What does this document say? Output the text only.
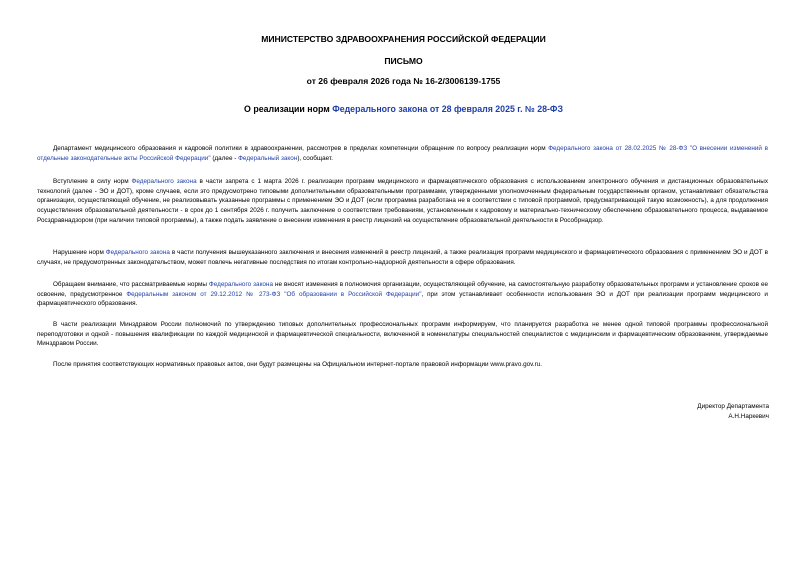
МИНИСТЕРСТВО ЗДРАВООХРАНЕНИЯ РОССИЙСКОЙ ФЕДЕРАЦИИ
ПИСЬМО
от 26 февраля 2026 года № 16-2/3006139-1755
О реализации норм Федерального закона от 28 февраля 2025 г. № 28-ФЗ
Департамент медицинского образования и кадровой политики в здравоохранении, рассмотрев в пределах компетенции обращение по вопросу реализации норм Федерального закона от 28.02.2025 № 28-ФЗ "О внесении изменений в отдельные законодательные акты Российской Федерации" (далее - Федеральный закон), сообщает.
Вступление в силу норм Федерального закона в части запрета с 1 марта 2026 г. реализации программ медицинского и фармацевтического образования с использованием электронного обучения и дистанционных образовательных технологий (далее - ЭО и ДОТ), кроме случаев, если это предусмотрено типовыми дополнительными образовательными программами, утвержденными уполномоченным федеральным государственным органом, устанавливает обязательства организации, осуществляющей обучение, не реализовывать указанные программы с применением ЭО и ДОТ (если программа разработана не в соответствии с типовой программой, предусматривающей такую возможность), а для продолжения осуществления образовательной деятельности - в срок до 1 сентября 2026 г. получить заключение о соответствии требованиям, установленным к кадровому и материально-техническому обеспечению образовательного процесса, выдаваемое Росздравнадзором (при наличии типовой программы), а также подать заявление о внесении изменения в реестр лицензий на осуществление образовательной деятельности в Рособрнадзор.
Нарушение норм Федерального закона в части получения вышеуказанного заключения и внесения изменений в реестр лицензий, а также реализация программ медицинского и фармацевтического образования с применением ЭО и ДОТ в случаях, не предусмотренных законодательством, может повлечь негативные последствия по итогам контрольно-надзорной деятельности в сфере образования.
Обращаем внимание, что рассматриваемые нормы Федерального закона не вносят изменения в полномочия организации, осуществляющей обучение, на самостоятельную разработку образовательных программ и установление сроков ее освоение, предусмотренное Федеральным законом от 29.12.2012 № 273-ФЗ "Об образовании в Российской Федерации", при этом устанавливает особенности использования ЭО и ДОТ при реализации программ медицинского и фармацевтического образования.
В части реализации Минздравом России полномочий по утверждению типовых дополнительных профессиональных программ информируем, что планируется разработка не менее одной типовой программы профессиональной переподготовки и одной - повышения квалификации по каждой медицинской и фармацевтической специальности, включенной в номенклатуры специальностей специалистов с медицинским и фармацевтическим образованием, утверждаемые Минздравом России.
После принятия соответствующих нормативных правовых актов, они будут размещены на Официальном интернет-портале правовой информации www.pravo.gov.ru.
Директор Департамента
А.Н.Наркевич
